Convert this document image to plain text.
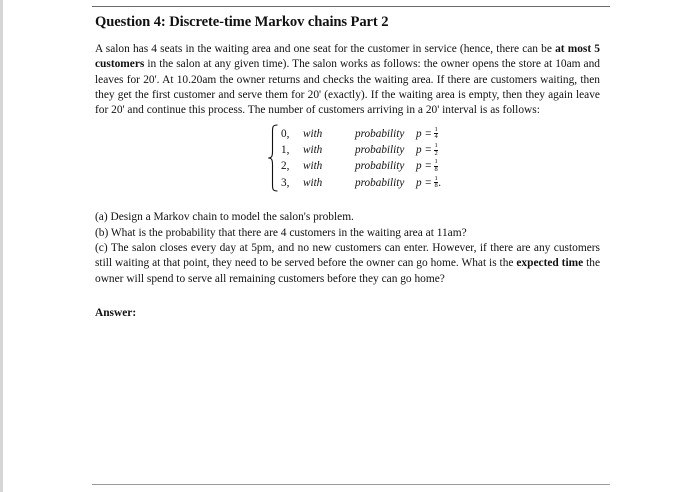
Question 4: Discrete-time Markov chains Part 2

A salon has 4 seats in the waiting area and one seat for the customer in service (hence, there can be at most 5 customers in the salon at any given time). The salon works as follows: the owner opens the store at 10am and leaves for 20'. At 10.20am the owner returns and checks the waiting area. If there are customers waiting, then they get the first customer and serve them for 20' (exactly). If the waiting area is empty, then they again leave for 20' and continue this process. The number of customers arriving in a 20' interval is as follows:

0,	with	probability	$p = \frac{1}{4}$
1,	with	probability	$p = \frac{1}{2}$
2,	with	probability	$p = \frac{1}{8}$
3,	with	probability	$p = \frac{1}{8}$ .

(a) Design a Markov chain to model the salon's problem.

(b) What is the probability that there are 4 customers in the waiting area at 11am?

(c) The salon closes every day at 5pm, and no new customers can enter. However, if there are any customers still waiting at that point, they need to be served before the owner can go home. What is the expected time the owner will spend to serve all remaining customers before they can go home?

Answer:
